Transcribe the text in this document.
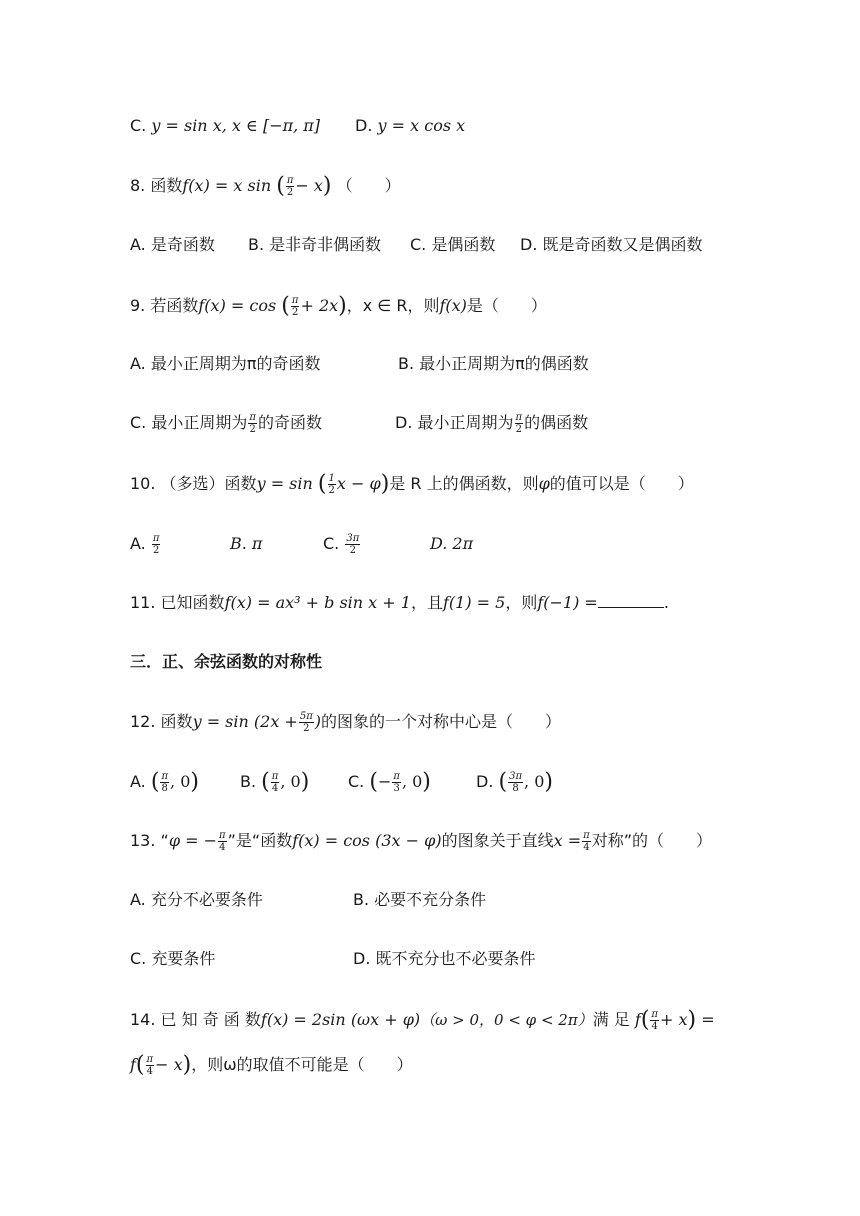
C. y = sin x, x ∈ [−π, π] D. y = x cos x
8. 函数f(x) = x sin ( $\frac{\pi}{2} - x$) （　　）
A. 是奇函数 B. 是非奇非偶函数 C. 是偶函数 D. 既是奇函数又是偶函数
9. 若函数f(x) = cos ( $\frac{\pi}{2} + 2x$)，x ∈ R，则f(x)是（　　）
A. 最小正周期为π的奇函数	B. 最小正周期为π的偶函数
C. 最小正周期为 $\frac{\pi}{2}$ 的奇函数	D. 最小正周期为 $\frac{\pi}{2}$ 的偶函数
10. （多选）函数y = sin ( $\frac{1}{2}$ x − φ)是 R 上的偶函数，则φ的值可以是（　　）
A. $\frac{\pi}{2}$	B. π	C. $\frac{3\pi}{2}$	D. 2π
11. 已知函数f(x) = ax³ + b sin x + 1，且f(1) = 5，则f(−1) =	.
三．正、余弦函数的对称性
12. 函数$y = \sin (2x + \frac{5\pi}{2}$ )的图象的一个对称中心是（　　）
A. ( $\frac{\pi}{8}$ , 0)	B. ( $\frac{\pi}{4}$ , 0) C. (− $\frac{\pi}{3}$ , 0)	D. ( $\frac{3\pi}{8}$ , 0)
13. “φ = − $\frac{\pi}{4}$ ”是“函数f(x) = cos (3x − φ)的图象关于直线$x = \frac{\pi}{4}$ 对称”的（　　）
A. 充分不必要条件	B. 必要不充分条件
C. 充要条件	D. 既不充分也不必要条件
14. 已 知 奇 函 数f(x) = 2sin (ωx + φ)（ω > 0，0 < φ < 2π）满 足 $f( \frac{\pi}{4} + x)$ =
$f( \frac{\pi}{4} - x)$，则ω的取值不可能是（　　）
